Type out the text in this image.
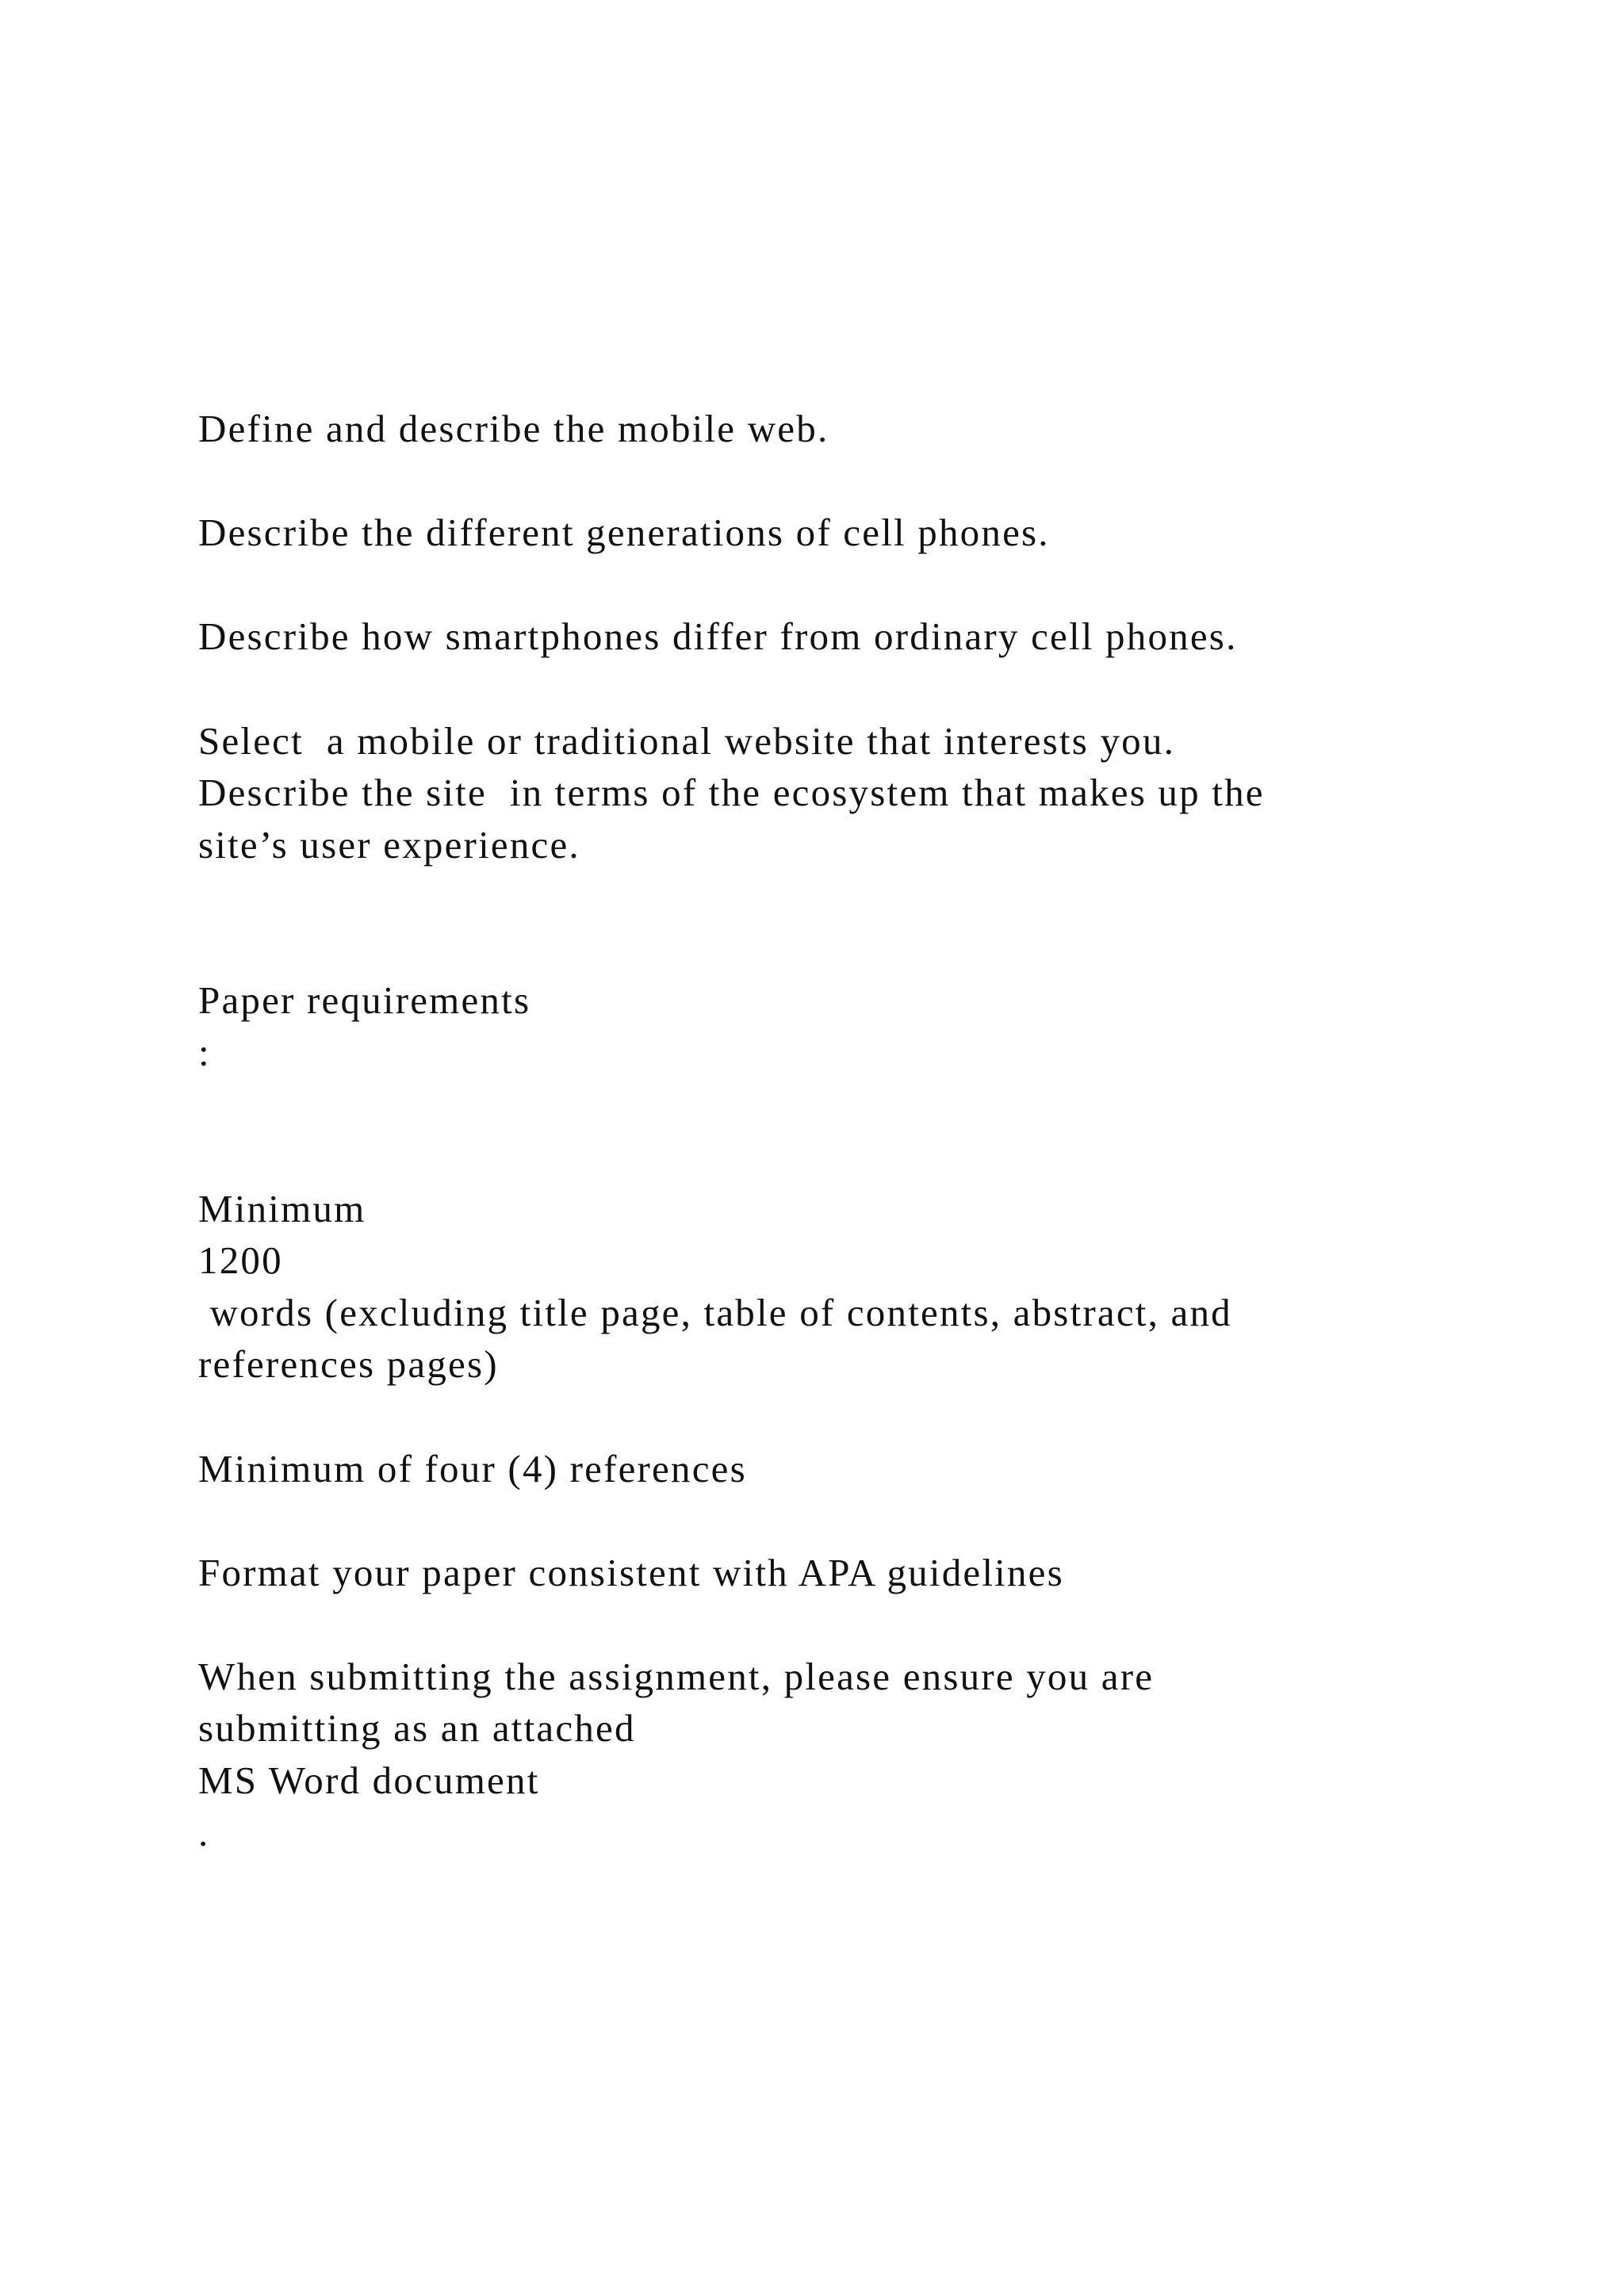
Define and describe the mobile web.
Describe the different generations of cell phones.
Describe how smartphones differ from ordinary cell phones.
Select  a mobile or traditional website that interests you.
Describe the site  in terms of the ecosystem that makes up the
site’s user experience.
Paper requirements
:
Minimum
1200
words (excluding title page, table of contents, abstract, and
references pages)
Minimum of four (4) references
Format your paper consistent with APA guidelines
When submitting the assignment, please ensure you are
submitting as an attached
MS Word document
.
